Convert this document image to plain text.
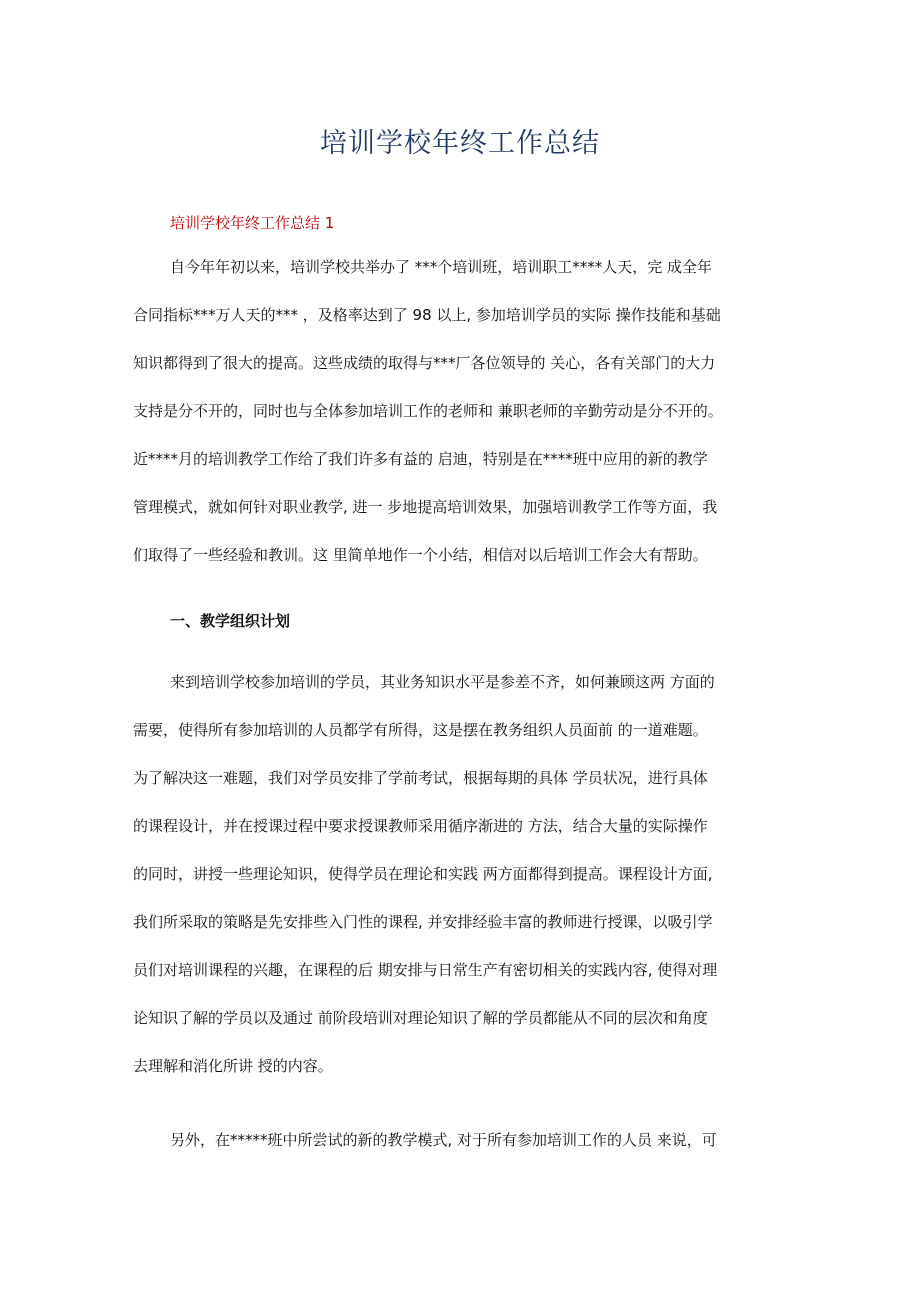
培训学校年终工作总结
培训学校年终工作总结 1
自今年年初以来，培训学校共举办了 ***个培训班，培训职工****人天，完 成全年
合同指标***万人天的*** ，及格率达到了 98 以上, 参加培训学员的实际 操作技能和基础
知识都得到了很大的提高。这些成绩的取得与***厂各位领导的 关心，各有关部门的大力
支持是分不开的，同时也与全体参加培训工作的老师和 兼职老师的辛勤劳动是分不开的。
近****月的培训教学工作给了我们许多有益的 启迪，特别是在****班中应用的新的教学
管理模式，就如何针对职业教学, 进一 步地提高培训效果，加强培训教学工作等方面，我
们取得了一些经验和教训。这 里简单地作一个小结，相信对以后培训工作会大有帮助。
一、教学组织计划
来到培训学校参加培训的学员，其业务知识水平是参差不齐，如何兼顾这两 方面的
需要，使得所有参加培训的人员都学有所得，这是摆在教务组织人员面前 的一道难题。
为了解决这一难题，我们对学员安排了学前考试，根据每期的具体 学员状况，进行具体
的课程设计，并在授课过程中要求授课教师采用循序渐进的 方法，结合大量的实际操作
的同时，讲授一些理论知识，使得学员在理论和实践 两方面都得到提高。课程设计方面,
我们所采取的策略是先安排些入门性的课程, 并安排经验丰富的教师进行授课，以吸引学
员们对培训课程的兴趣，在课程的后 期安排与日常生产有密切相关的实践内容, 使得对理
论知识了解的学员以及通过 前阶段培训对理论知识了解的学员都能从不同的层次和角度
去理解和消化所讲 授的内容。
另外，在*****班中所尝试的新的教学模式, 对于所有参加培训工作的人员 来说，可
